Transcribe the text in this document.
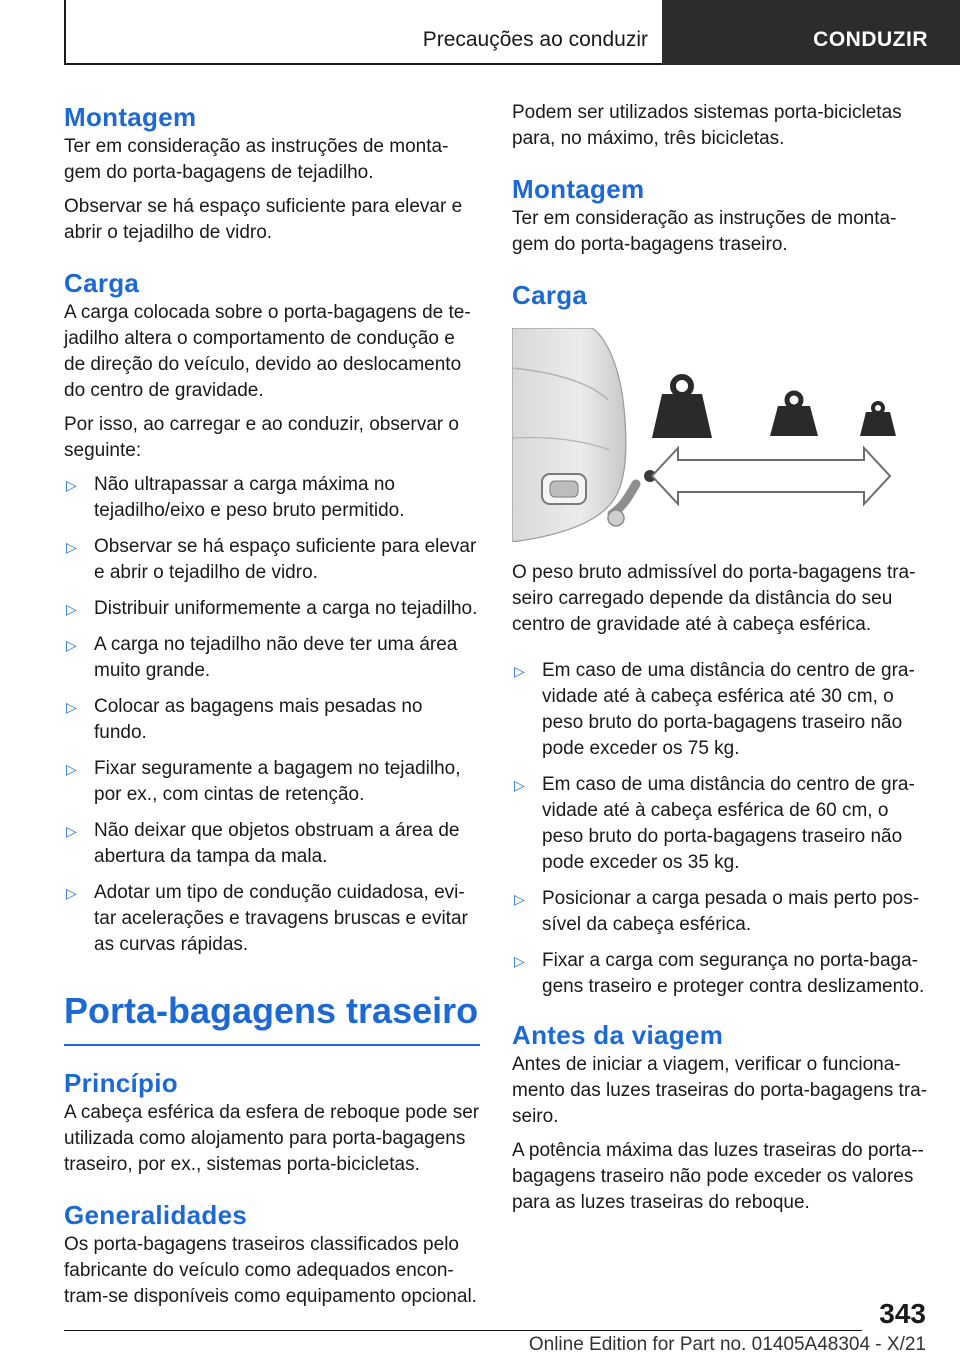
Precauções ao conduzir	CONDUZIR
Montagem

Ter em consideração as instruções de monta-gem do porta-bagagens de tejadilho.

Observar se há espaço suficiente para elevar e abrir o tejadilho de vidro.

Carga

A carga colocada sobre o porta-bagagens de te-jadilho altera o comportamento de condução e de direção do veículo, devido ao deslocamento do centro de gravidade.

Por isso, ao carregar e ao conduzir, observar o seguinte:

▷ Não ultrapassar a carga máxima no tejadilho/eixo e peso bruto permitido.
▷ Observar se há espaço suficiente para elevar e abrir o tejadilho de vidro.
▷ Distribuir uniformemente a carga no tejadilho.
▷ A carga no tejadilho não deve ter uma área muito grande.
▷ Colocar as bagagens mais pesadas no fundo.
▷ Fixar seguramente a bagagem no tejadilho, por ex., com cintas de retenção.
▷ Não deixar que objetos obstruam a área de abertura da tampa da mala.
▷ Adotar um tipo de condução cuidadosa, evi-tar acelerações e travagens bruscas e evitar as curvas rápidas.
Porta-bagagens traseiro
Princípio

A cabeça esférica da esfera de reboque pode ser utilizada como alojamento para porta-bagagens traseiro, por ex., sistemas porta-bicicletas.

Generalidades

Os porta-bagagens traseiros classificados pelo fabricante do veículo como adequados encon-tram-se disponíveis como equipamento opcional.

Podem ser utilizados sistemas porta-bicicletas para, no máximo, três bicicletas.

Montagem

Ter em consideração as instruções de monta-gem do porta-bagagens traseiro.

Carga

O peso bruto admissível do porta-bagagens tra-seiro carregado depende da distância do seu centro de gravidade até à cabeça esférica.

▷ Em caso de uma distância do centro de gra-vidade até à cabeça esférica até 30 cm, o peso bruto do porta-bagagens traseiro não pode exceder os 75 kg.
▷ Em caso de uma distância do centro de gra-vidade até à cabeça esférica de 60 cm, o peso bruto do porta-bagagens traseiro não pode exceder os 35 kg.
▷ Posicionar a carga pesada o mais perto pos-sível da cabeça esférica.
▷ Fixar a carga com segurança no porta-baga-gens traseiro e proteger contra deslizamento.
Antes da viagem

Antes de iniciar a viagem, verificar o funciona-mento das luzes traseiras do porta-bagagens tra-seiro.

A potência máxima das luzes traseiras do porta--bagagens traseiro não pode exceder os valores para as luzes traseiras do reboque.

343
Online Edition for Part no. 01405A48304 - X/21
